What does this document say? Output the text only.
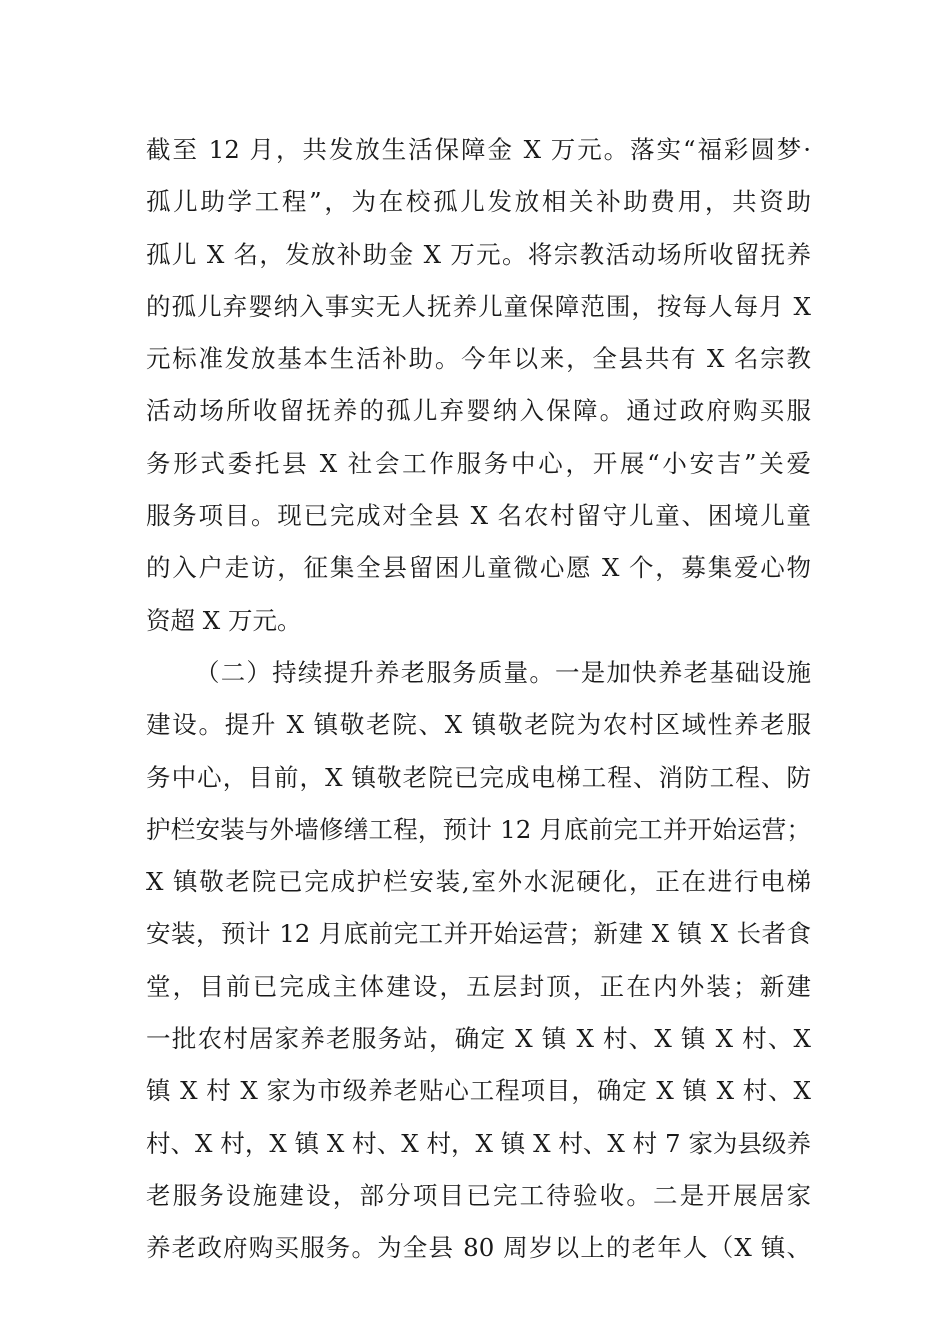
截至 12 月，共发放生活保障金 X 万元。落实“福彩圆梦·
孤儿助学工程”，为在校孤儿发放相关补助费用，共资助
孤儿 X 名，发放补助金 X 万元。将宗教活动场所收留抚养
的孤儿弃婴纳入事实无人抚养儿童保障范围，按每人每月 X
元标准发放基本生活补助。今年以来，全县共有 X 名宗教
活动场所收留抚养的孤儿弃婴纳入保障。通过政府购买服
务形式委托县 X 社会工作服务中心，开展“小安吉”关爱
服务项目。现已完成对全县 X 名农村留守儿童、困境儿童
的入户走访，征集全县留困儿童微心愿 X 个，募集爱心物
资超 X 万元。
（二）持续提升养老服务质量。一是加快养老基础设施
建设。提升 X 镇敬老院、X 镇敬老院为农村区域性养老服
务中心，目前，X 镇敬老院已完成电梯工程、消防工程、防
护栏安装与外墙修缮工程，预计 12 月底前完工并开始运营；
X 镇敬老院已完成护栏安装,室外水泥硬化，正在进行电梯
安装，预计 12 月底前完工并开始运营；新建 X 镇 X 长者食
堂，目前已完成主体建设，五层封顶，正在内外装；新建
一批农村居家养老服务站，确定 X 镇 X 村、X 镇 X 村、X
镇 X 村 X 家为市级养老贴心工程项目，确定 X 镇 X 村、X
村、X 村，X 镇 X 村、X 村，X 镇 X 村、X 村 7 家为县级养
老服务设施建设，部分项目已完工待验收。二是开展居家
养老政府购买服务。为全县 80 周岁以上的老年人（X 镇、
